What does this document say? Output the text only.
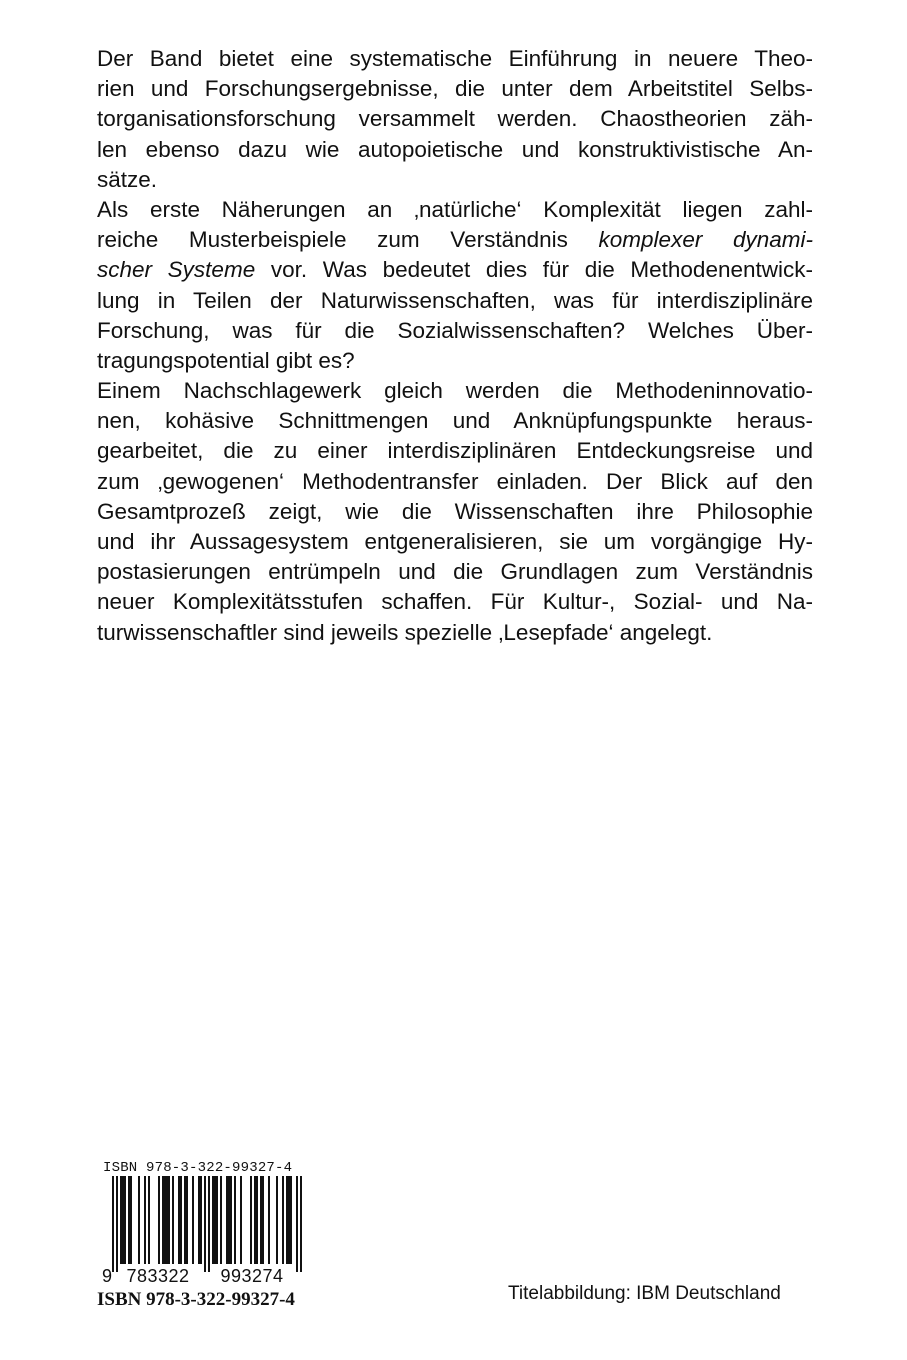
Der Band bietet eine systematische Einführung in neuere Theo-
rien und Forschungsergebnisse, die unter dem Arbeitstitel Selbs-
torganisationsforschung versammelt werden. Chaostheorien zäh-
len ebenso dazu wie autopoietische und konstruktivistische An-
sätze.
Als erste Näherungen an ‚natürliche‘ Komplexität liegen zahl-
reiche Musterbeispiele zum Verständnis komplexer dynami-
scher Systeme vor. Was bedeutet dies für die Methodenentwick-
lung in Teilen der Naturwissenschaften, was für interdisziplinäre
Forschung, was für die Sozialwissenschaften? Welches Über-
tragungspotential gibt es?
Einem Nachschlagewerk gleich werden die Methodeninnovatio-
nen, kohäsive Schnittmengen und Anknüpfungspunkte heraus-
gearbeitet, die zu einer interdisziplinären Entdeckungsreise und
zum ‚gewogenen‘ Methodentransfer einladen. Der Blick auf den
Gesamtprozeß zeigt, wie die Wissenschaften ihre Philosophie
und ihr Aussagesystem entgeneralisieren, sie um vorgängige Hy-
postasierungen entrümpeln und die Grundlagen zum Verständnis
neuer Komplexitätsstufen schaffen. Für Kultur-, Sozial- und Na-
turwissenschaftler sind jeweils spezielle ‚Lesepfade‘ angelegt.
ISBN 978-3-322-99327-4
9 783322 993274
ISBN 978-3-322-99327-4	Titelabbildung: IBM Deutschland
